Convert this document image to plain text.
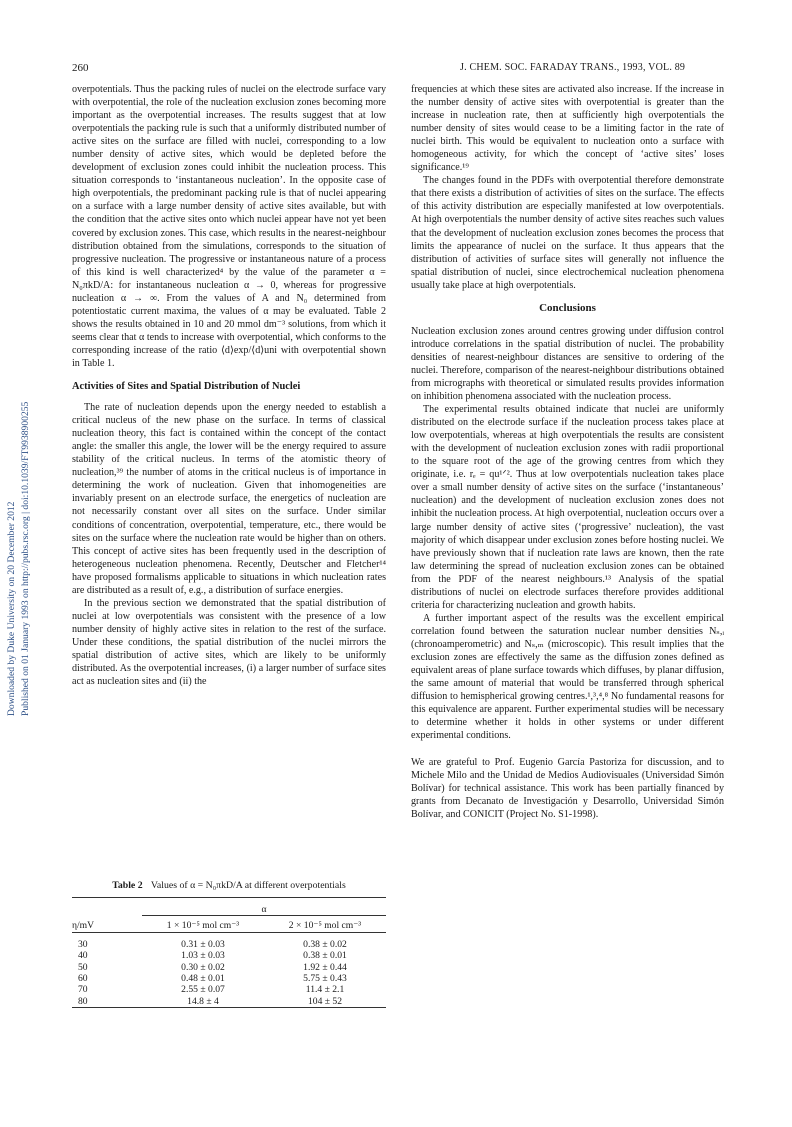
260	J. CHEM. SOC. FARADAY TRANS., 1993, VOL. 89
Downloaded by Duke University on 20 December 2012 Published on 01 January 1993 on http://pubs.rsc.org | doi:10.1039/FT9938900255

overpotentials. Thus the packing rules of nuclei on the electrode surface vary with overpotential, the role of the nucleation exclusion zones becoming more important as the overpotential increases. The results suggest that at low overpotentials the packing rule is such that a uniformly distributed number of active sites on the surface are filled with nuclei, corresponding to a low number density of active sites, which would be depleted before the development of exclusion zones could inhibit the nucleation process. This situation corresponds to ‘instantaneous nucleation’. In the opposite case of high overpotentials, the predominant packing rule is that of nuclei appearing on a surface with a large number density of active sites available, but with the condition that the active sites onto which nuclei appear have not yet been covered by exclusion zones. This case, which results in the nearest-neighbour distribution obtained from the simulations, corresponds to the situation of progressive nucleation. The progressive or instantaneous nature of a process of this kind is well characterized⁴ by the value of the parameter α = N₀πkD/A: for instantaneous nucleation α → 0, whereas for progressive nucleation α → ∞. From the values of A and N₀ determined from potentiostatic current maxima, the values of α may be evaluated. Table 2 shows the results obtained in 10 and 20 mmol dm⁻³ solutions, from which it seems clear that α tends to increase with overpotential, which conforms to the corresponding increase of the ratio ⟨d⟩exp/⟨d⟩uni with overpotential shown in Table 1.

Activities of Sites and Spatial Distribution of Nuclei

The rate of nucleation depends upon the energy needed to establish a critical nucleus of the new phase on the surface. In terms of classical nucleation theory, this fact is contained within the concept of the contact angle: the smaller this angle, the lower will be the energy required to assure stability of the critical nucleus. In terms of the atomistic theory of nucleation,³⁹ the number of atoms in the critical nucleus is of importance in determining the work of nucleation. Given that inhomogeneities are invariably present on an electrode surface, the energetics of nucleation are not necessarily constant over all sites on the surface. Under similar conditions of concentration, overpotential, temperature, etc., there would be sites on the surface where the nucleation rate would be higher than on others. This concept of active sites has been frequently used in the description of heterogeneous nucleation phenomena. Recently, Deutscher and Fletcher¹⁴ have proposed formalisms applicable to situations in which nucleation rates are distributed as a result of, e.g., a distribution of surface energies.

In the previous section we demonstrated that the spatial distribution of nuclei at low overpotentials was consistent with the presence of a low number density of highly active sites in relation to the rest of the surface. Under these conditions, the spatial distribution of the nuclei mirrors the spatial distribution of active sites, which are likely to be uniformly distributed. As the overpotential increases, (i) a larger number of surface sites act as nucleation sites and (ii) the

Table 2 Values of α = N₀πkD/A at different overpotentials

	α	

η/mV	1 × 10⁻⁵ mol cm⁻³	2 × 10⁻⁵ mol cm⁻³

30	0.31 ± 0.03	0.38 ± 0.02
40	1.03 ± 0.03	0.38 ± 0.01
50	0.30 ± 0.02	1.92 ± 0.44
60	0.48 ± 0.01	5.75 ± 0.43
70	2.55 ± 0.07	11.4 ± 2.1
80	14.8 ± 4	104 ± 52

frequencies at which these sites are activated also increase. If the increase in the number density of active sites with overpotential is greater than the increase in nucleation rate, then at sufficiently high overpotentials the number density of sites would cease to be a limiting factor in the rate of nuclei birth. This would be equivalent to nucleation onto a surface with homogeneous activity, for which the concept of ‘active sites’ loses significance.¹⁹

The changes found in the PDFs with overpotential therefore demonstrate that there exists a distribution of activities of sites on the surface. The effects of this activity distribution are especially manifested at low overpotentials. At high overpotentials the number density of active sites reaches such values that the development of nucleation exclusion zones becomes the process that limits the appearance of nuclei on the surface. It thus appears that the distribution of activities of surface sites will generally not influence the spatial distribution of nuclei, since electrochemical nucleation phenomena usually take place at high overpotentials.

Conclusions

Nucleation exclusion zones around centres growing under diffusion control introduce correlations in the spatial distribution of nuclei. The probability densities of nearest-neighbour distances are sensitive to ordering of the nuclei. Therefore, comparison of the nearest-neighbour distributions obtained from micrographs with theoretical or simulated results provides information on inhibition phenomena associated with the nucleation process.

The experimental results obtained indicate that nuclei are uniformly distributed on the electrode surface if the nucleation process takes place at low overpotentials, whereas at high overpotentials the results are consistent with the development of nucleation exclusion zones with radii proportional to the square root of the age of the growing centres from which they originate, i.e. rₑ = qu¹ᐟ². Thus at low overpotentials nucleation takes place over a small number density of active sites on the surface (‘instantaneous’ nucleation) and the development of nucleation exclusion zones does not inhibit the nucleation process. At high overpotential, nucleation occurs over a large number density of active sites (‘progressive’ nucleation), the vast majority of which disappear under exclusion zones before hosting nuclei. We have previously shown that if nucleation rate laws are known, then the rate law determining the spread of nucleation exclusion zones can be obtained from the PDF of the nearest neighbours.¹³ Analysis of the spatial distributions of nuclei on electrode surfaces therefore provides additional criteria for characterizing nucleation and growth habits.

A further important aspect of the results was the excellent empirical correlation found between the saturation nuclear number densities Nₛ,ᵢ (chronoamperometric) and Nₛ,ₘ (microscopic). This result implies that the exclusion zones are effectively the same as the diffusion zones defined as equivalent areas of plane surface towards which diffuses, by planar diffusion, the same amount of material that would be transferred through spherical diffusion to hemispherical growing centres.¹,³,⁴,⁸ No fundamental reasons for this equivalence are apparent. Further experimental studies will be necessary to determine whether it holds in other systems or under different experimental conditions.

We are grateful to Prof. Eugenio García Pastoriza for discussion, and to Michele Milo and the Unidad de Medios Audiovisuales (Universidad Simón Bolívar) for technical assistance. This work has been partially financed by grants from Decanato de Investigación y Desarrollo, Universidad Simón Bolívar, and CONICIT (Project No. S1-1998).
